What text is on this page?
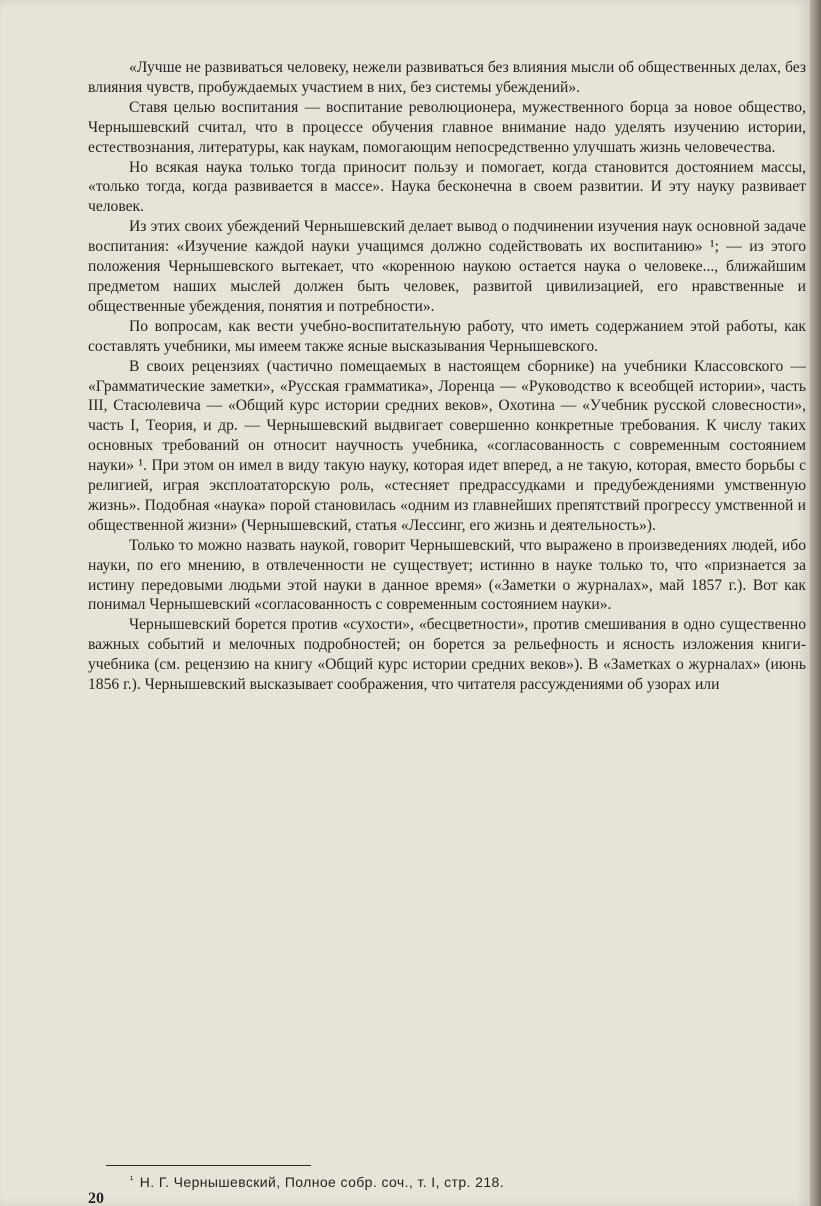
«Лучше не развиваться человеку, нежели развиваться без влияния мысли об общественных делах, без влияния чувств, пробуждаемых участием в них, без системы убеждений».

Ставя целью воспитания — воспитание революционера, мужественного борца за новое общество, Чернышевский считал, что в процессе обучения главное внимание надо уделять изучению истории, естествознания, литературы, как наукам, помогающим непосредственно улучшать жизнь человечества.

Но всякая наука только тогда приносит пользу и помогает, когда становится достоянием массы, «только тогда, когда развивается в массе». Наука бесконечна в своем развитии. И эту науку развивает человек.

Из этих своих убеждений Чернышевский делает вывод о подчинении изучения наук основной задаче воспитания: «Изучение каждой науки учащимся должно содействовать их воспитанию» ¹; — из этого положения Чернышевского вытекает, что «коренною наукою остается наука о человеке..., ближайшим предметом наших мыслей должен быть человек, развитой цивилизацией, его нравственные и общественные убеждения, понятия и потребности».

По вопросам, как вести учебно-воспитательную работу, что иметь содержанием этой работы, как составлять учебники, мы имеем также ясные высказывания Чернышевского.

В своих рецензиях (частично помещаемых в настоящем сборнике) на учебники Классовского — «Грамматические заметки», «Русская грамматика», Лоренца — «Руководство к всеобщей истории», часть III, Стасюлевича — «Общий курс истории средних веков», Охотина — «Учебник русской словесности», часть I, Теория, и др. — Чернышевский выдвигает совершенно конкретные требования. К числу таких основных требований он относит научность учебника, «согласованность с современным состоянием науки» ¹. При этом он имел в виду такую науку, которая идет вперед, а не такую, которая, вместо борьбы с религией, играя эксплоататорскую роль, «стесняет предрассудками и предубеждениями умственную жизнь». Подобная «наука» порой становилась «одним из главнейших препятствий прогрессу умственной и общественной жизни» (Чернышевский, статья «Лессинг, его жизнь и деятельность»).

Только то можно назвать наукой, говорит Чернышевский, что выражено в произведениях людей, ибо науки, по его мнению, в отвлеченности не существует; истинно в науке только то, что «признается за истину передовыми людьми этой науки в данное время» («Заметки о журналах», май 1857 г.). Вот как понимал Чернышевский «согласованность с современным состоянием науки».

Чернышевский борется против «сухости», «бесцветности», против смешивания в одно существенно важных событий и мелочных подробностей; он борется за рельефность и ясность изложения книги-учебника (см. рецензию на книгу «Общий курс истории средних веков»). В «Заметках о журналах» (июнь 1856 г.). Чернышевский высказывает соображения, что читателя рассуждениями об узорах или

$^{^1}$ Н. Г. Чернышевский, Полное собр. соч., т. I, стр. 218.
20
